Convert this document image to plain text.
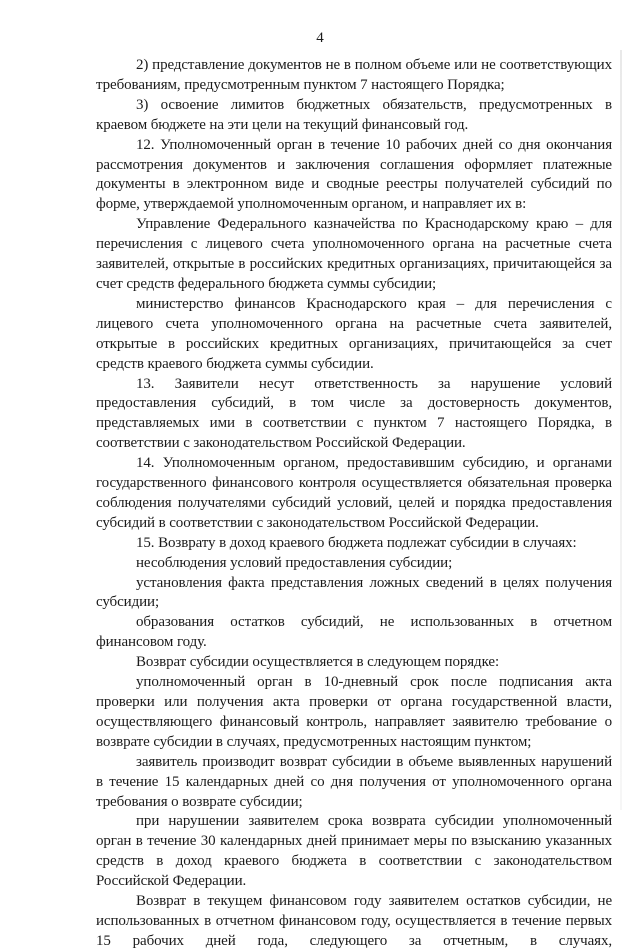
4

2) представление документов не в полном объеме или не соответствующих требованиям, предусмотренным пунктом 7 настоящего Порядка;

3) освоение лимитов бюджетных обязательств, предусмотренных в краевом бюджете на эти цели на текущий финансовый год.

12. Уполномоченный орган в течение 10 рабочих дней со дня окончания рассмотрения документов и заключения соглашения оформляет платежные документы в электронном виде и сводные реестры получателей субсидий по форме, утверждаемой уполномоченным органом, и направляет их в:

Управление Федерального казначейства по Краснодарскому краю – для перечисления с лицевого счета уполномоченного органа на расчетные счета заявителей, открытые в российских кредитных организациях, причитающейся за счет средств федерального бюджета суммы субсидии;

министерство финансов Краснодарского края – для перечисления с лицевого счета уполномоченного органа на расчетные счета заявителей, открытые в российских кредитных организациях, причитающейся за счет средств краевого бюджета суммы субсидии.

13. Заявители несут ответственность за нарушение условий предоставления субсидий, в том числе за достоверность документов, представляемых ими в соответствии с пунктом 7 настоящего Порядка, в соответствии с законодательством Российской Федерации.

14. Уполномоченным органом, предоставившим субсидию, и органами государственного финансового контроля осуществляется обязательная проверка соблюдения получателями субсидий условий, целей и порядка предоставления субсидий в соответствии с законодательством Российской Федерации.

15. Возврату в доход краевого бюджета подлежат субсидии в случаях:

несоблюдения условий предоставления субсидии;

установления факта представления ложных сведений в целях получения субсидии;

образования остатков субсидий, не использованных в отчетном финансовом году.

Возврат субсидии осуществляется в следующем порядке:

уполномоченный орган в 10-дневный срок после подписания акта проверки или получения акта проверки от органа государственной власти, осуществляющего финансовый контроль, направляет заявителю требование о возврате субсидии в случаях, предусмотренных настоящим пунктом;

заявитель производит возврат субсидии в объеме выявленных нарушений в течение 15 календарных дней со дня получения от уполномоченного органа требования о возврате субсидии;

при нарушении заявителем срока возврата субсидии уполномоченный орган в течение 30 календарных дней принимает меры по взысканию указанных средств в доход краевого бюджета в соответствии с законодательством Российской Федерации.

Возврат в текущем финансовом году заявителем остатков субсидии, не использованных в отчетном финансовом году, осуществляется в течение первых 15 рабочих дней года, следующего за отчетным, в случаях,
